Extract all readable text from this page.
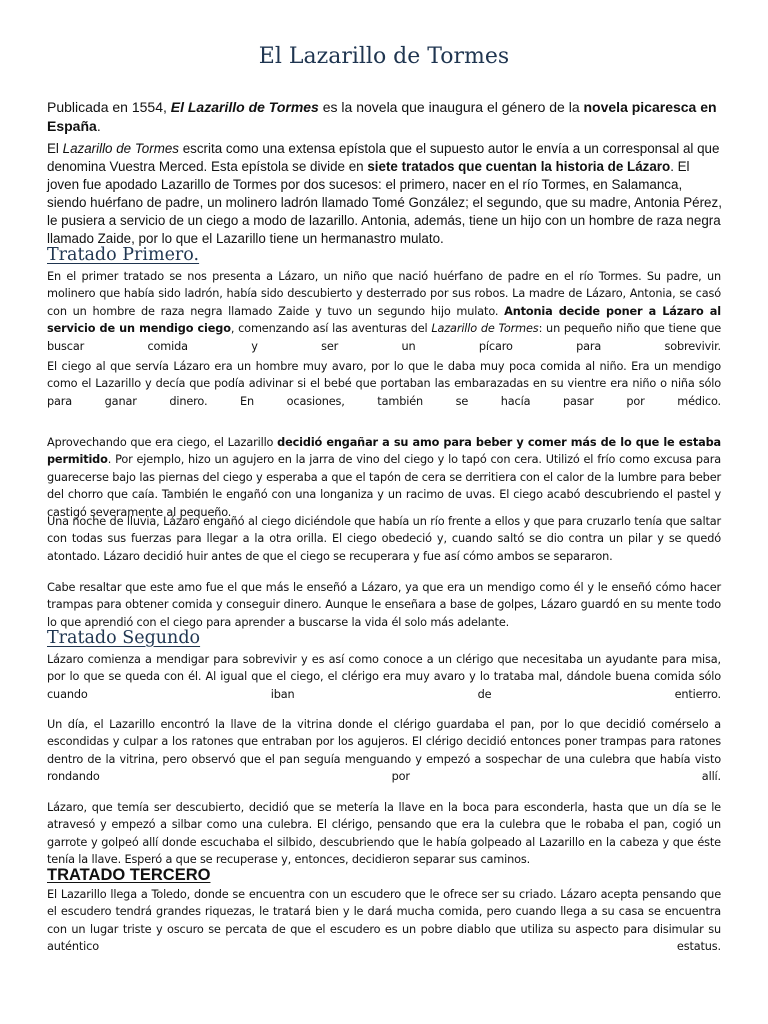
El Lazarillo de Tormes

Publicada en 1554, El Lazarillo de Tormes es la novela que inaugura el género de la novela picaresca en España.

El Lazarillo de Tormes escrita como una extensa epístola que el supuesto autor le envía a un corresponsal al que denomina Vuestra Merced. Esta epístola se divide en siete tratados que cuentan la historia de Lázaro. El joven fue apodado Lazarillo de Tormes por dos sucesos: el primero, nacer en el río Tormes, en Salamanca, siendo huérfano de padre, un molinero ladrón llamado Tomé González; el segundo, que su madre, Antonia Pérez, le pusiera a servicio de un ciego a modo de lazarillo. Antonia, además, tiene un hijo con un hombre de raza negra llamado Zaide, por lo que el Lazarillo tiene un hermanastro mulato.

Tratado Primero.

En el primer tratado se nos presenta a Lázaro, un niño que nació huérfano de padre en el río Tormes. Su padre, un molinero que había sido ladrón, había sido descubierto y desterrado por sus robos. La madre de Lázaro, Antonia, se casó con un hombre de raza negra llamado Zaide y tuvo un segundo hijo mulato. Antonia decide poner a Lázaro al servicio de un mendigo ciego, comenzando así las aventuras del Lazarillo de Tormes: un pequeño niño que tiene que buscar comida y ser un pícaro para sobrevivir.

El ciego al que servía Lázaro era un hombre muy avaro, por lo que le daba muy poca comida al niño. Era un mendigo como el Lazarillo y decía que podía adivinar si el bebé que portaban las embarazadas en su vientre era niño o niña sólo para ganar dinero. En ocasiones, también se hacía pasar por médico.

Aprovechando que era ciego, el Lazarillo decidió engañar a su amo para beber y comer más de lo que le estaba permitido. Por ejemplo, hizo un agujero en la jarra de vino del ciego y lo tapó con cera. Utilizó el frío como excusa para guarecerse bajo las piernas del ciego y esperaba a que el tapón de cera se derritiera con el calor de la lumbre para beber del chorro que caía. También le engañó con una longaniza y un racimo de uvas. El ciego acabó descubriendo el pastel y castigó severamente al pequeño.

Una noche de lluvia, Lázaro engañó al ciego diciéndole que había un río frente a ellos y que para cruzarlo tenía que saltar con todas sus fuerzas para llegar a la otra orilla. El ciego obedeció y, cuando saltó se dio contra un pilar y se quedó atontado. Lázaro decidió huir antes de que el ciego se recuperara y fue así cómo ambos se separaron.

Cabe resaltar que este amo fue el que más le enseñó a Lázaro, ya que era un mendigo como él y le enseñó cómo hacer trampas para obtener comida y conseguir dinero. Aunque le enseñara a base de golpes, Lázaro guardó en su mente todo lo que aprendió con el ciego para aprender a buscarse la vida él solo más adelante.

Tratado Segundo

Lázaro comienza a mendigar para sobrevivir y es así como conoce a un clérigo que necesitaba un ayudante para misa, por lo que se queda con él. Al igual que el ciego, el clérigo era muy avaro y lo trataba mal, dándole buena comida sólo cuando iban de entierro.

Un día, el Lazarillo encontró la llave de la vitrina donde el clérigo guardaba el pan, por lo que decidió comérselo a escondidas y culpar a los ratones que entraban por los agujeros. El clérigo decidió entonces poner trampas para ratones dentro de la vitrina, pero observó que el pan seguía menguando y empezó a sospechar de una culebra que había visto rondando por allí.

Lázaro, que temía ser descubierto, decidió que se metería la llave en la boca para esconderla, hasta que un día se le atravesó y empezó a silbar como una culebra. El clérigo, pensando que era la culebra que le robaba el pan, cogió un garrote y golpeó allí donde escuchaba el silbido, descubriendo que le había golpeado al Lazarillo en la cabeza y que éste tenía la llave. Esperó a que se recuperase y, entonces, decidieron separar sus caminos.

TRATADO TERCERO

El Lazarillo llega a Toledo, donde se encuentra con un escudero que le ofrece ser su criado. Lázaro acepta pensando que el escudero tendrá grandes riquezas, le tratará bien y le dará mucha comida, pero cuando llega a su casa se encuentra con un lugar triste y oscuro se percata de que el escudero es un pobre diablo que utiliza su aspecto para disimular su auténtico estatus.
